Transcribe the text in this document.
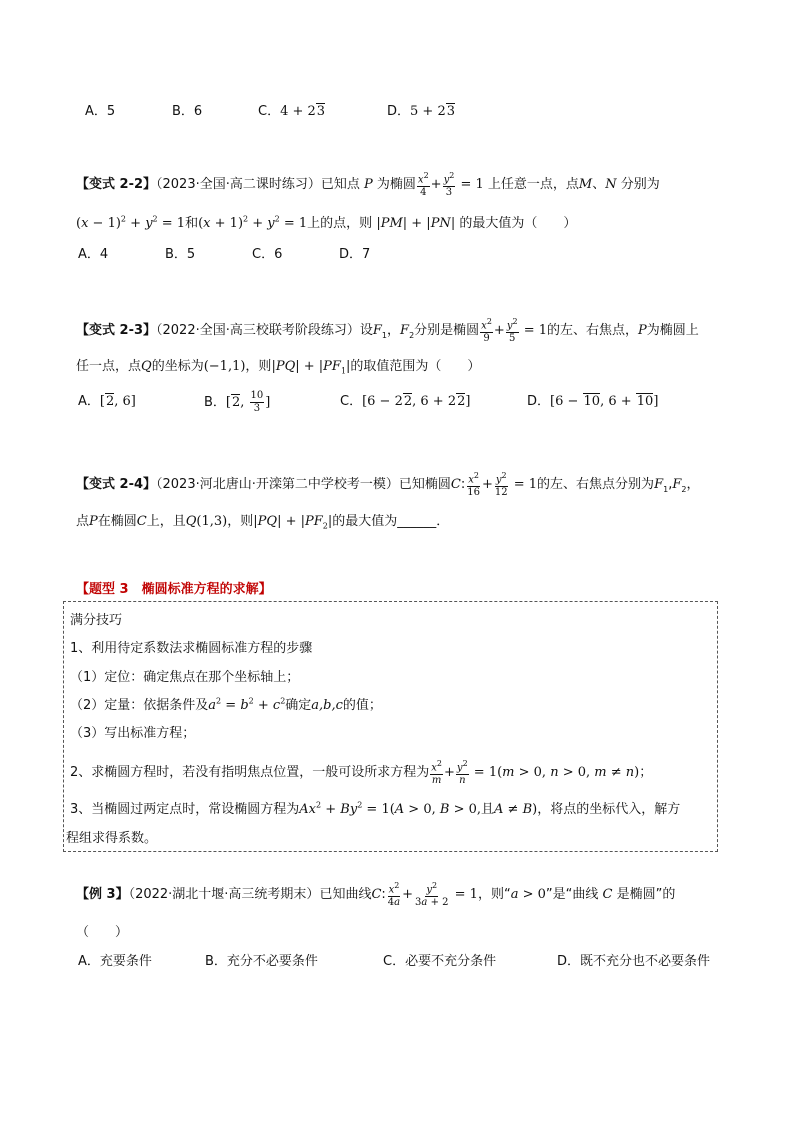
A．5	B．6	C．4 + 23	D．5 + 23
【变式 2-2】（2023·全国·高二课时练习）已知点 P 为椭圆 $\frac{x^2}{4} + \frac{y^2}{3} = 1$ 上任意一点，点M、N 分别为
$(x - 1)^2 + y^2 = 1$和$(x + 1)^2 + y^2 = 1$上的点，则 |PM| + |PN| 的最大值为（　　）
A．4	B．5	C．6	D．7
【变式 2-3】（2022·全国·高三校联考阶段练习）设$F_1$，$F_2$分别是椭圆 $\frac{x^2}{9} + \frac{y^2}{5} = 1$的左、右焦点，P为椭圆上
任一点，点Q的坐标为(−1,1)，则$|PQ| + |PF_1|$的取值范围为（　　）
A．[2, 6]	B．[2, $\frac{10}{3}$ ]	C．[6 − 22, 6 + 22]	D．[6 − 10, 6 + 10]
【变式 2-4】（2023·河北唐山·开滦第二中学校考一模）已知椭圆C: $\frac{x^2}{16} + \frac{y^2}{12} = 1$的左、右焦点分别为$F_1,F_2$，
点P在椭圆C上，且Q(1,3)，则$|PQ| + |PF_2|$的最大值为______．
【题型 3　椭圆标准方程的求解】
满分技巧
1、利用待定系数法求椭圆标准方程的步骤
（1）定位：确定焦点在那个坐标轴上；
（2）定量：依据条件及$a^2 = b^2 + c^2$确定a,b,c的值；
（3）写出标准方程；
2、求椭圆方程时，若没有指明焦点位置，一般可设所求方程为 $\frac{x^2}{m} + \frac{y^2}{n} = 1(m > 0$, n > 0, m ≠ n)；
3、当椭圆过两定点时，常设椭圆方程为$Ax^2 + By^2 = 1(A > 0$, B > 0,且A ≠ B)，将点的坐标代入，解方
程组求得系数。
【例 3】（2022·湖北十堰·高三统考期末）已知曲线C: $\frac{x^2}{4a} + \frac{y^2}{3a + 2} = 1$，则“a > 0”是“曲线 C 是椭圆”的
（　　）
A．充要条件	B．充分不必要条件	C．必要不充分条件	D．既不充分也不必要条件
